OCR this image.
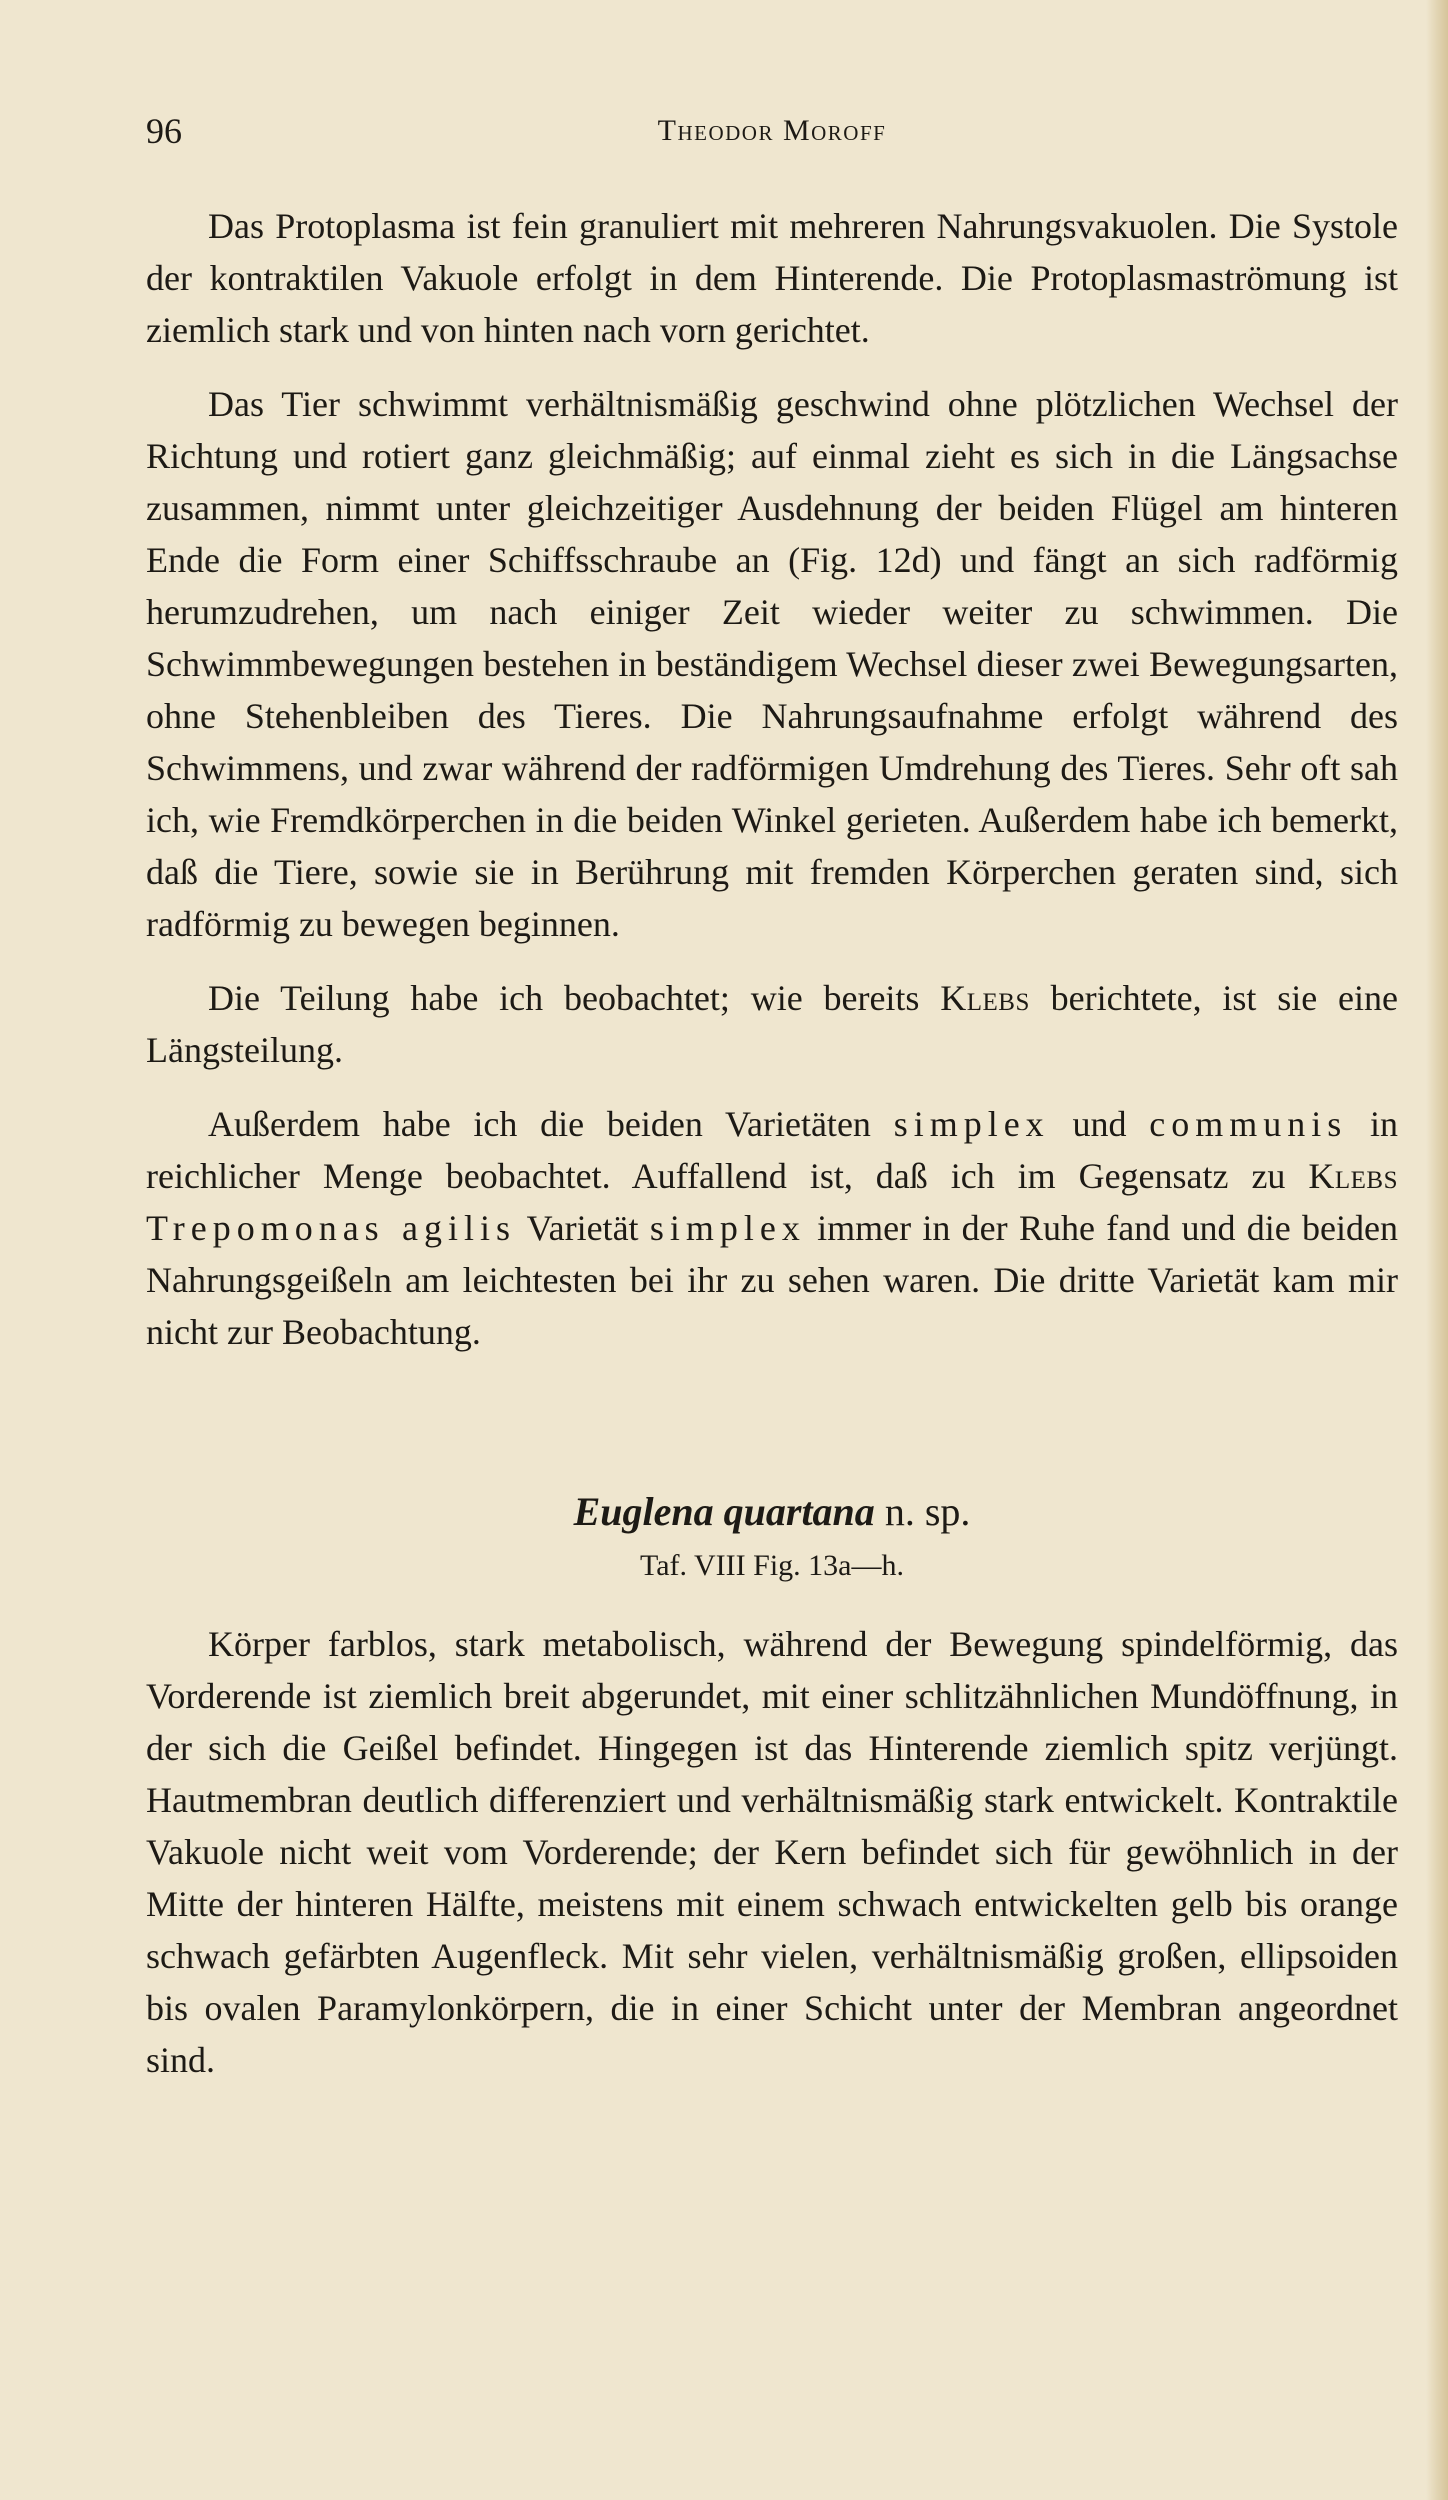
96	Theodor Moroff

Das Protoplasma ist fein granuliert mit mehreren Nahrungsvakuolen. Die Systole der kontraktilen Vakuole erfolgt in dem Hinterende. Die Protoplasmaströmung ist ziemlich stark und von hinten nach vorn gerichtet.

Das Tier schwimmt verhältnismäßig geschwind ohne plötzlichen Wechsel der Richtung und rotiert ganz gleichmäßig; auf einmal zieht es sich in die Längsachse zusammen, nimmt unter gleichzeitiger Ausdehnung der beiden Flügel am hinteren Ende die Form einer Schiffsschraube an (Fig. 12d) und fängt an sich radförmig herumzudrehen, um nach einiger Zeit wieder weiter zu schwimmen. Die Schwimmbewegungen bestehen in beständigem Wechsel dieser zwei Bewegungsarten, ohne Stehenbleiben des Tieres. Die Nahrungsaufnahme erfolgt während des Schwimmens, und zwar während der radförmigen Umdrehung des Tieres. Sehr oft sah ich, wie Fremdkörperchen in die beiden Winkel gerieten. Außerdem habe ich bemerkt, daß die Tiere, sowie sie in Berührung mit fremden Körperchen geraten sind, sich radförmig zu bewegen beginnen.

Die Teilung habe ich beobachtet; wie bereits Klebs berichtete, ist sie eine Längsteilung.

Außerdem habe ich die beiden Varietäten simplex und communis in reichlicher Menge beobachtet. Auffallend ist, daß ich im Gegensatz zu Klebs Trepomonas agilis Varietät simplex immer in der Ruhe fand und die beiden Nahrungsgeißeln am leichtesten bei ihr zu sehen waren. Die dritte Varietät kam mir nicht zur Beobachtung.

Euglena quartana n. sp.
Taf. VIII Fig. 13a—h.

Körper farblos, stark metabolisch, während der Bewegung spindelförmig, das Vorderende ist ziemlich breit abgerundet, mit einer schlitzähnlichen Mundöffnung, in der sich die Geißel befindet. Hingegen ist das Hinterende ziemlich spitz verjüngt. Hautmembran deutlich differenziert und verhältnismäßig stark entwickelt. Kontraktile Vakuole nicht weit vom Vorderende; der Kern befindet sich für gewöhnlich in der Mitte der hinteren Hälfte, meistens mit einem schwach entwickelten gelb bis orange schwach gefärbten Augenfleck. Mit sehr vielen, verhältnismäßig großen, ellipsoiden bis ovalen Paramylonkörpern, die in einer Schicht unter der Membran angeordnet sind.
